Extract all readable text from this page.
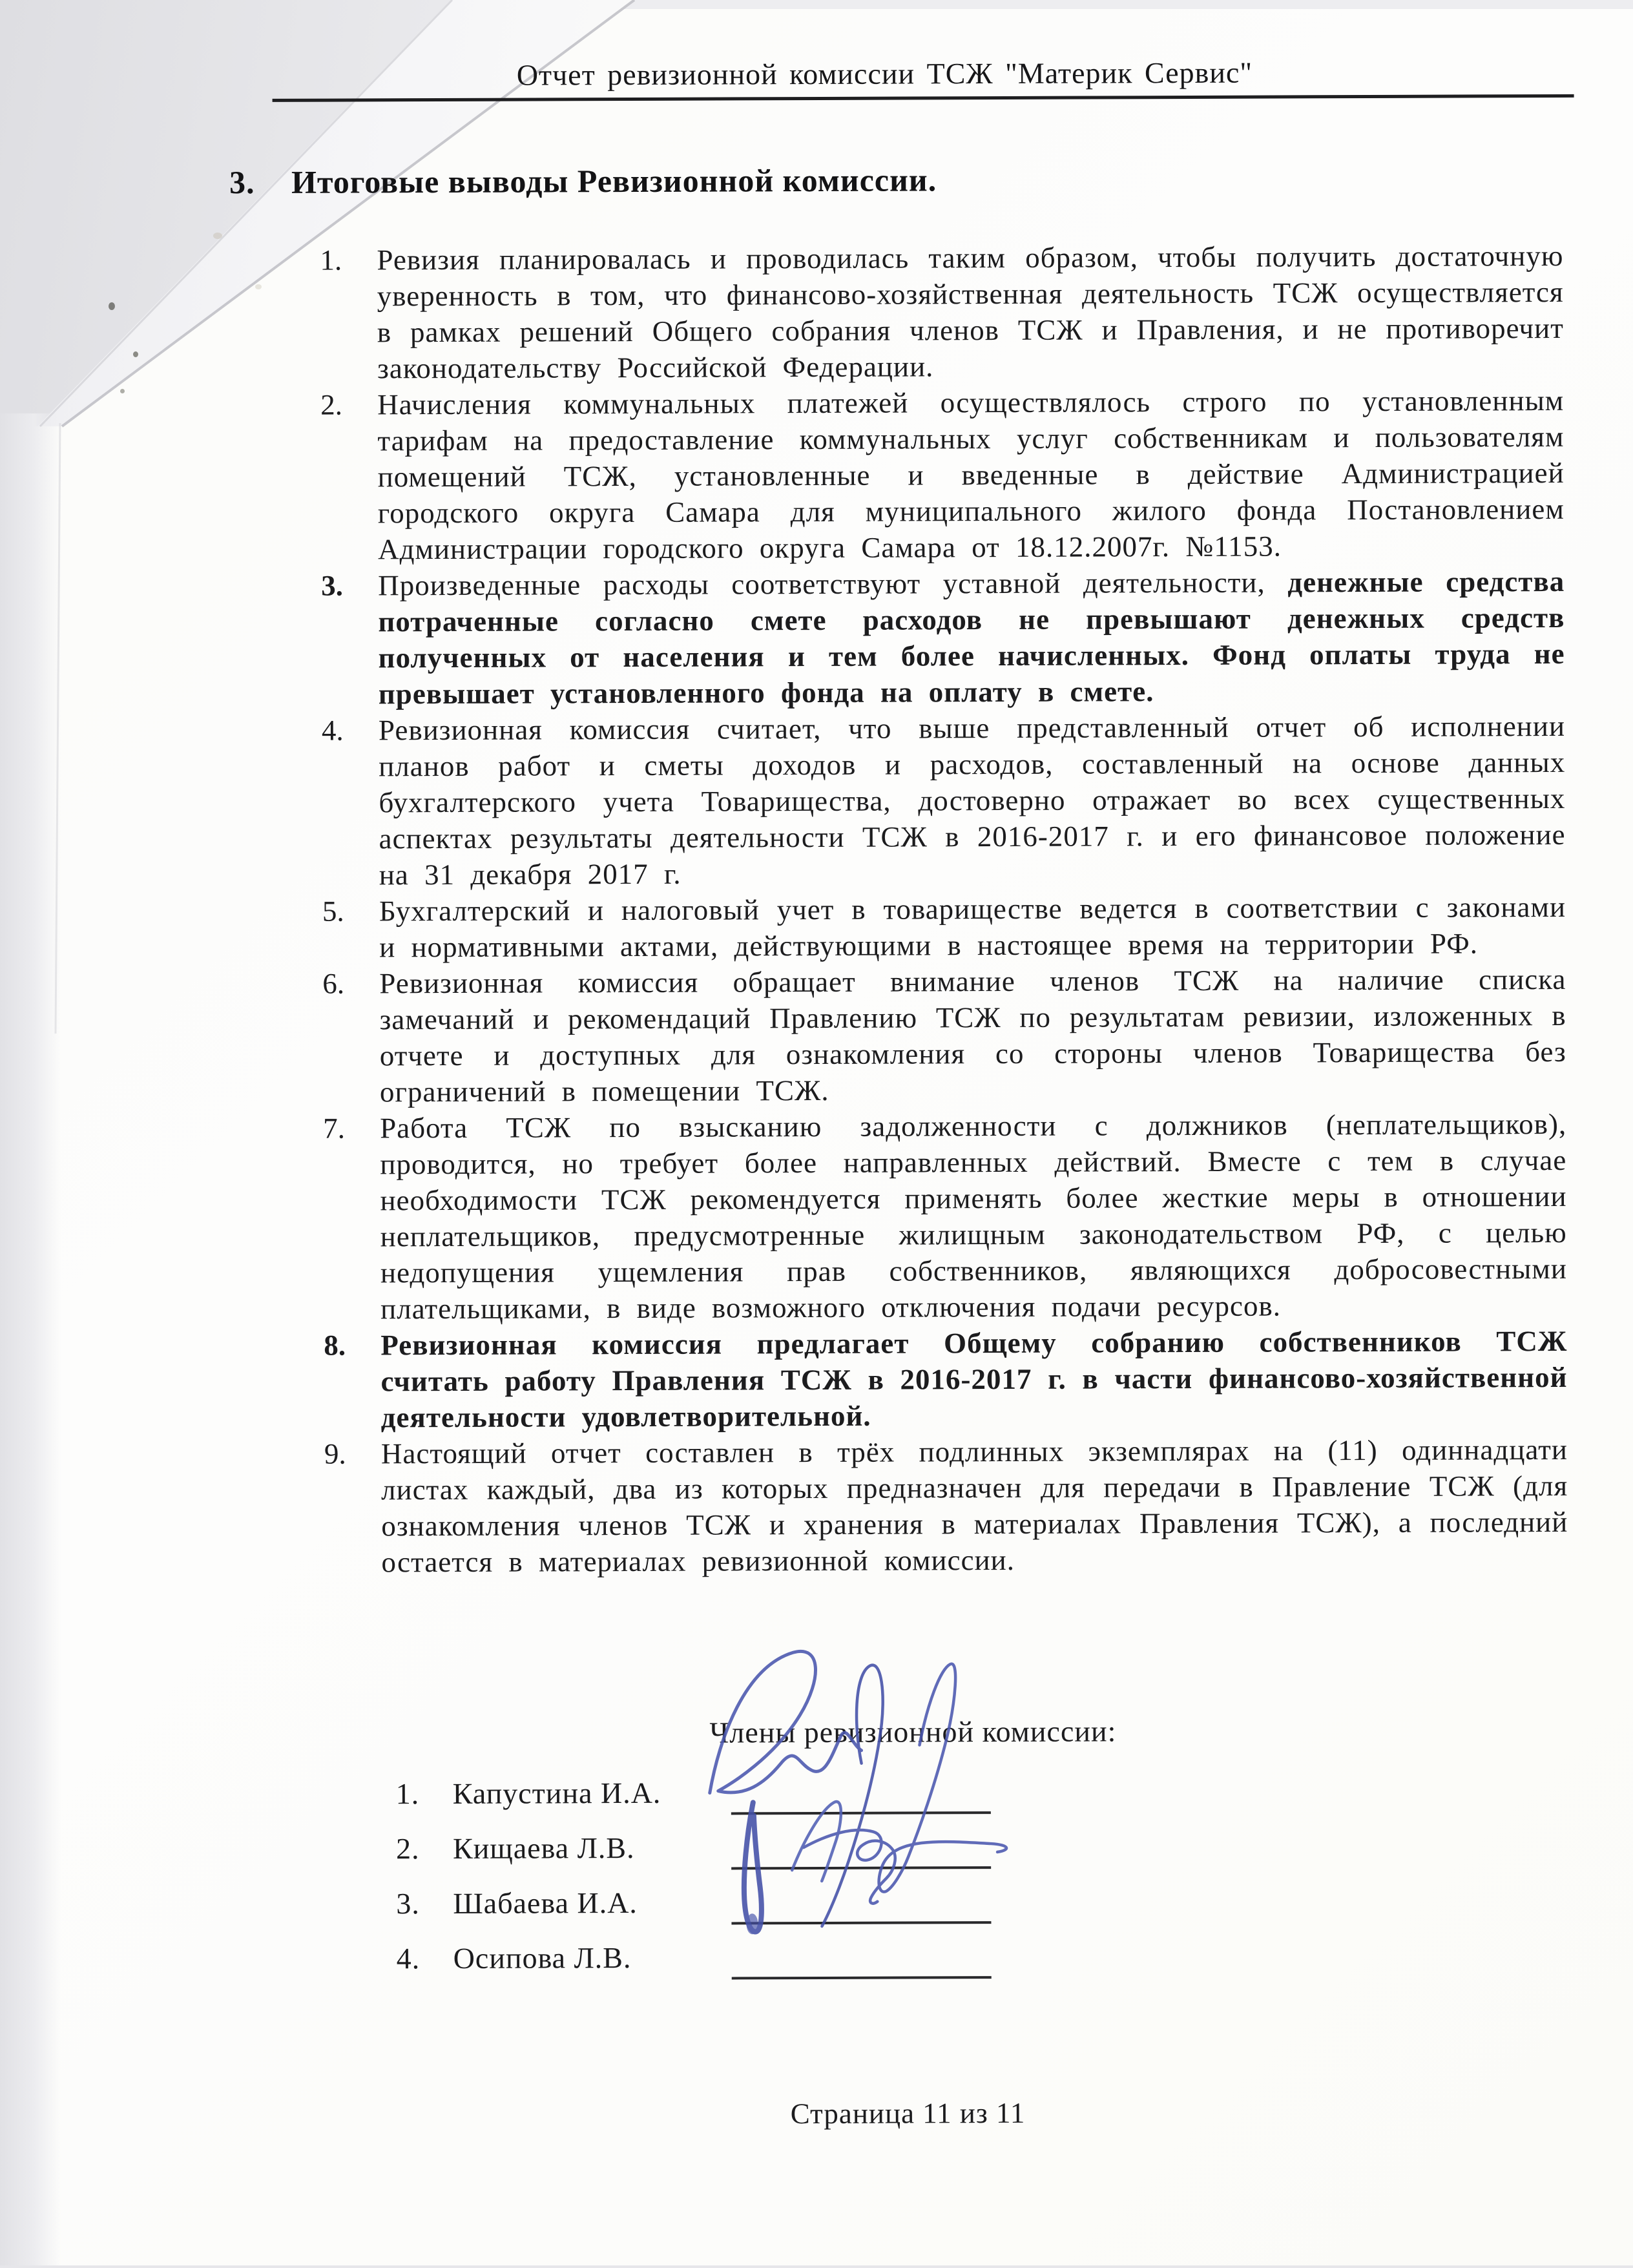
Отчет ревизионной комиссии ТСЖ "Материк Сервис"
3. Итоговые выводы Ревизионной комиссии.

1.	Ревизия планировалась и проводилась таким образом, чтобы получить достаточную уверенность в том, что финансово-хозяйственная деятельность ТСЖ осуществляется в рамках решений Общего собрания членов ТСЖ и Правления, и не противоречит законодательству Российской Федерации.

2.	Начисления коммунальных платежей осуществлялось строго по установленным тарифам на предоставление коммунальных услуг собственникам и пользователям помещений ТСЖ, установленные и введенные в действие Администрацией городского округа Самара для муниципального жилого фонда Постановлением Администрации городского округа Самара от 18.12.2007г. №1153.

3.	Произведенные расходы соответствуют уставной деятельности, денежные средства потраченные согласно смете расходов не превышают денежных средств полученных от населения и тем более начисленных. Фонд оплаты труда не превышает установленного фонда на оплату в смете.

4.	Ревизионная комиссия считает, что выше представленный отчет об исполнении планов работ и сметы доходов и расходов, составленный на основе данных бухгалтерского учета Товарищества, достоверно отражает во всех существенных аспектах результаты деятельности ТСЖ в 2016-2017 г. и его финансовое положение на 31 декабря 2017 г.

5.	Бухгалтерский и налоговый учет в товариществе ведется в соответствии с законами и нормативными актами, действующими в настоящее время на территории РФ.

6.	Ревизионная комиссия обращает внимание членов ТСЖ на наличие списка замечаний и рекомендаций Правлению ТСЖ по результатам ревизии, изложенных в отчете и доступных для ознакомления со стороны членов Товарищества без ограничений в помещении ТСЖ.

7.	Работа ТСЖ по взысканию задолженности с должников (неплательщиков), проводится, но требует более направленных действий. Вместе с тем в случае необходимости ТСЖ рекомендуется применять более жесткие меры в отношении неплательщиков, предусмотренные жилищным законодательством РФ, с целью недопущения ущемления прав собственников, являющихся добросовестными плательщиками, в виде возможного отключения подачи ресурсов.

8.	Ревизионная комиссия предлагает Общему собранию собственников ТСЖ считать работу Правления ТСЖ в 2016-2017 г. в части финансово-хозяйственной деятельности удовлетворительной.

9.	Настоящий отчет составлен в трёх подлинных экземплярах на (11) одиннадцати листах каждый, два из которых предназначен для передачи в Правление ТСЖ (для ознакомления членов ТСЖ и хранения в материалах Правления ТСЖ), а последний остается в материалах ревизионной комиссии.

Члены ревизионной комиссии:
1. Капустина И.А.
2. Кищаева Л.В.
3. Шабаева И.А.
4. Осипова Л.В.
Страница 11 из 11
